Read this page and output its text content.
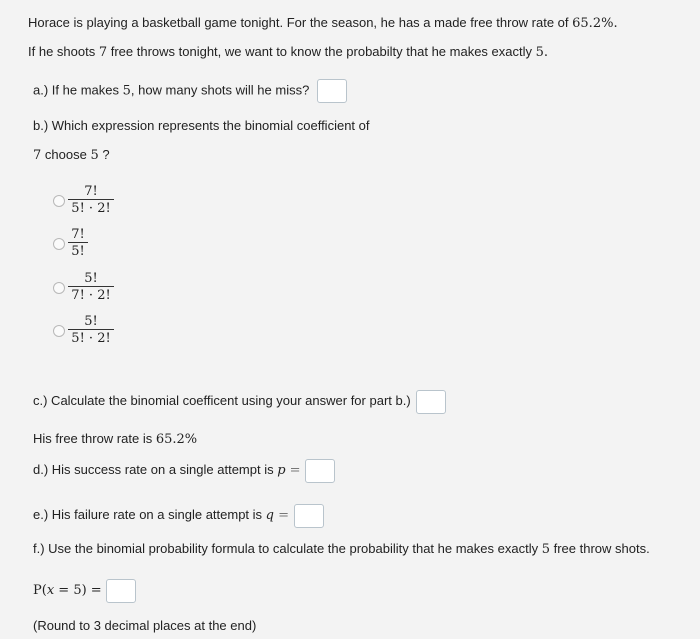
Horace is playing a basketball game tonight. For the season, he has a made free throw rate of 65.2%.
If he shoots 7 free throws tonight, we want to know the probabilty that he makes exactly 5.
a.) If he makes 5, how many shots will he miss?
b.) Which expression represents the binomial coefficient of
7 choose 5 ?
$\frac{7!}{5! \cdot 2!}$
$\frac{7!}{5!}$
$\frac{5!}{7! \cdot 2!}$
$\frac{5!}{5! \cdot 2!}$
c.) Calculate the binomial coefficent using your answer for part b.)
His free throw rate is 65.2%
d.) His success rate on a single attempt is p =
e.) His failure rate on a single attempt is q =
f.) Use the binomial probability formula to calculate the probability that he makes exactly 5 free throw shots.
P(x = 5) =
(Round to 3 decimal places at the end)
